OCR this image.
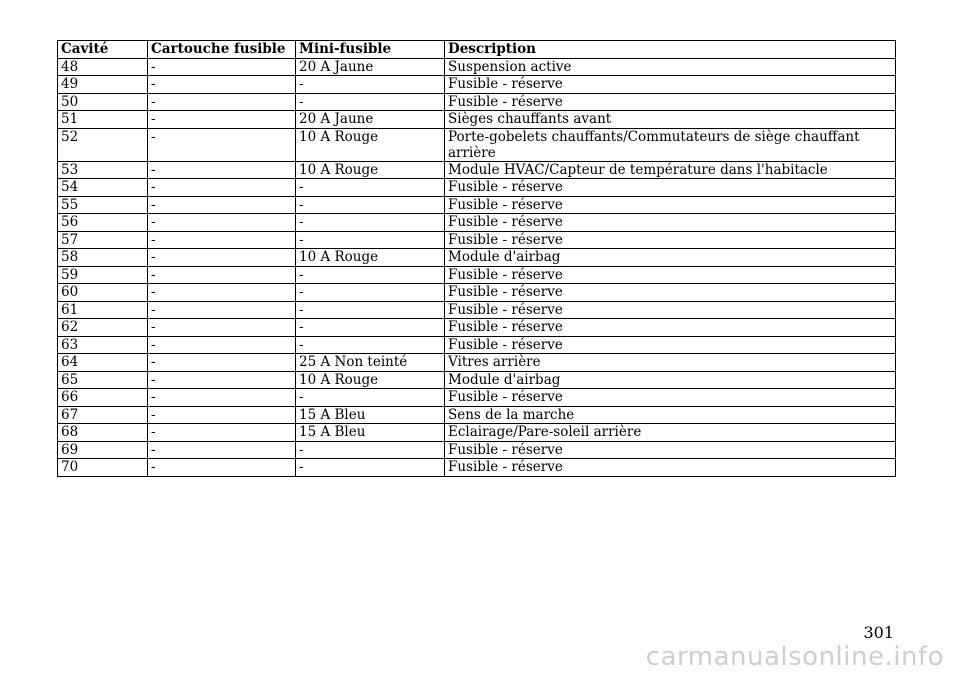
Cavité	Cartouche fusible	Mini-fusible	Description
48	-	20 A Jaune	Suspension active
49	-	-	Fusible - réserve
50	-	-	Fusible - réserve
51	-	20 A Jaune	Sièges chauffants avant
52	-	10 A Rouge	Porte-gobelets chauffants/Commutateurs de siège chauffant arrière
53	-	10 A Rouge	Module HVAC/Capteur de température dans l'habitacle
54	-	-	Fusible - réserve
55	-	-	Fusible - réserve
56	-	-	Fusible - réserve
57	-	-	Fusible - réserve
58	-	10 A Rouge	Module d'airbag
59	-	-	Fusible - réserve
60	-	-	Fusible - réserve
61	-	-	Fusible - réserve
62	-	-	Fusible - réserve
63	-	-	Fusible - réserve
64	-	25 A Non teinté	Vitres arrière
65	-	10 A Rouge	Module d'airbag
66	-	-	Fusible - réserve
67	-	15 A Bleu	Sens de la marche
68	-	15 A Bleu	Eclairage/Pare-soleil arrière
69	-	-	Fusible - réserve
70	-	-	Fusible - réserve
301
carmanualsonline.info
